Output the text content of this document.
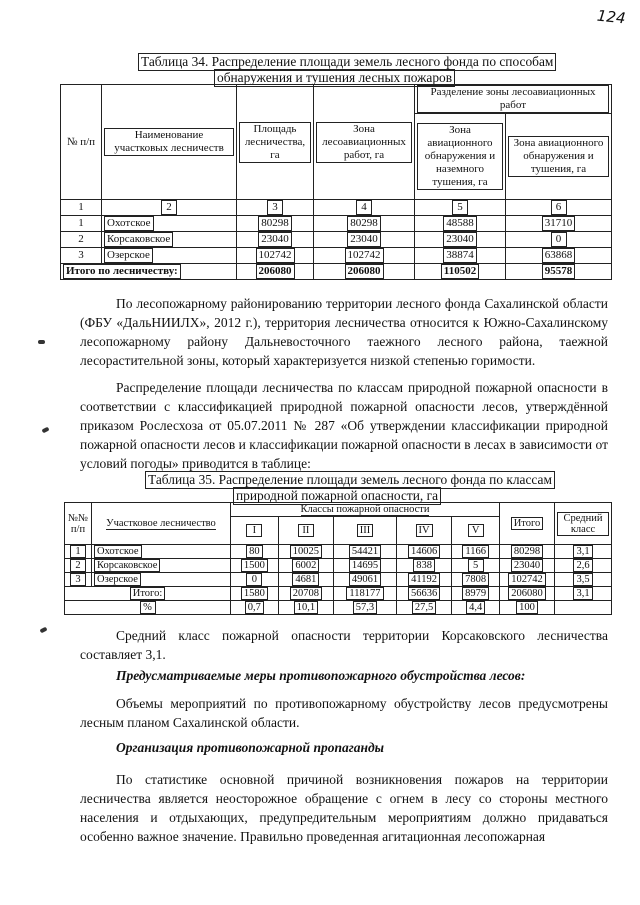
124
Таблица 34. Распределение площади земель лесного фонда по способам
обнаружения и тушения лесных пожаров
№ п/п	Наименование участковых лесничеств	Площадь лесничества, га	Зона лесоавиационных работ, га	Разделение зоны лесоавиационных работ	
				Зона авиационного обнаружения и наземного тушения, га	Зона авиационного обнаружения и тушения, га
1	2	3	4	5	6
1	Охотское	80298	80298	48588	31710
2	Корсаковское	23040	23040	23040	0
3	Озерское	102742	102742	38874	63868
Итого по лесничеству:		206080	206080	110502	95578

По лесопожарному районированию территории лесного фонда Сахалинской области (ФБУ «ДальНИИЛХ», 2012 г.), территория лесничества относится к Южно-Сахалинскому лесопожарному району Дальневосточного таежного лесного района, таежной лесорастительной зоны, который характеризуется низкой степенью горимости.

Распределение площади лесничества по классам природной пожарной опасности в соответствии с классификацией природной пожарной опасности лесов, утверждённой приказом Рослесхоза от 05.07.2011 № 287 «Об утверждении классификации природной пожарной опасности лесов и классификации пожарной опасности в лесах в зависимости от условий погоды» приводится в таблице:

Таблица 35. Распределение площади земель лесного фонда по классам
природной пожарной опасности, га
№№ п/п	Участковое лесничество	Классы пожарной опасности					Итого	Средний класс
		I	II	III	IV	V		
1	Охотское	80	10025	54421	14606	1166	80298	3,1
2	Корсаковское	1500	6002	14695	838	5	23040	2,6
3	Озерское	0	4681	49061	41192	7808	102742	3,5
Итого:		1580	20708	118177	56636	8979	206080	3,1
%		0,7	10,1	57,3	27,5	4,4	100	

Средний класс пожарной опасности территории Корсаковского лесничества составляет 3,1.

Предусматриваемые меры противопожарного обустройства лесов:

Объемы мероприятий по противопожарному обустройству лесов предусмотрены лесным планом Сахалинской области.

Организация противопожарной пропаганды

По статистике основной причиной возникновения пожаров на территории лесничества является неосторожное обращение с огнем в лесу со стороны местного населения и отдыхающих, предупредительным мероприятиям должно придаваться особенно важное значение. Правильно проведенная агитационная лесопожарная
